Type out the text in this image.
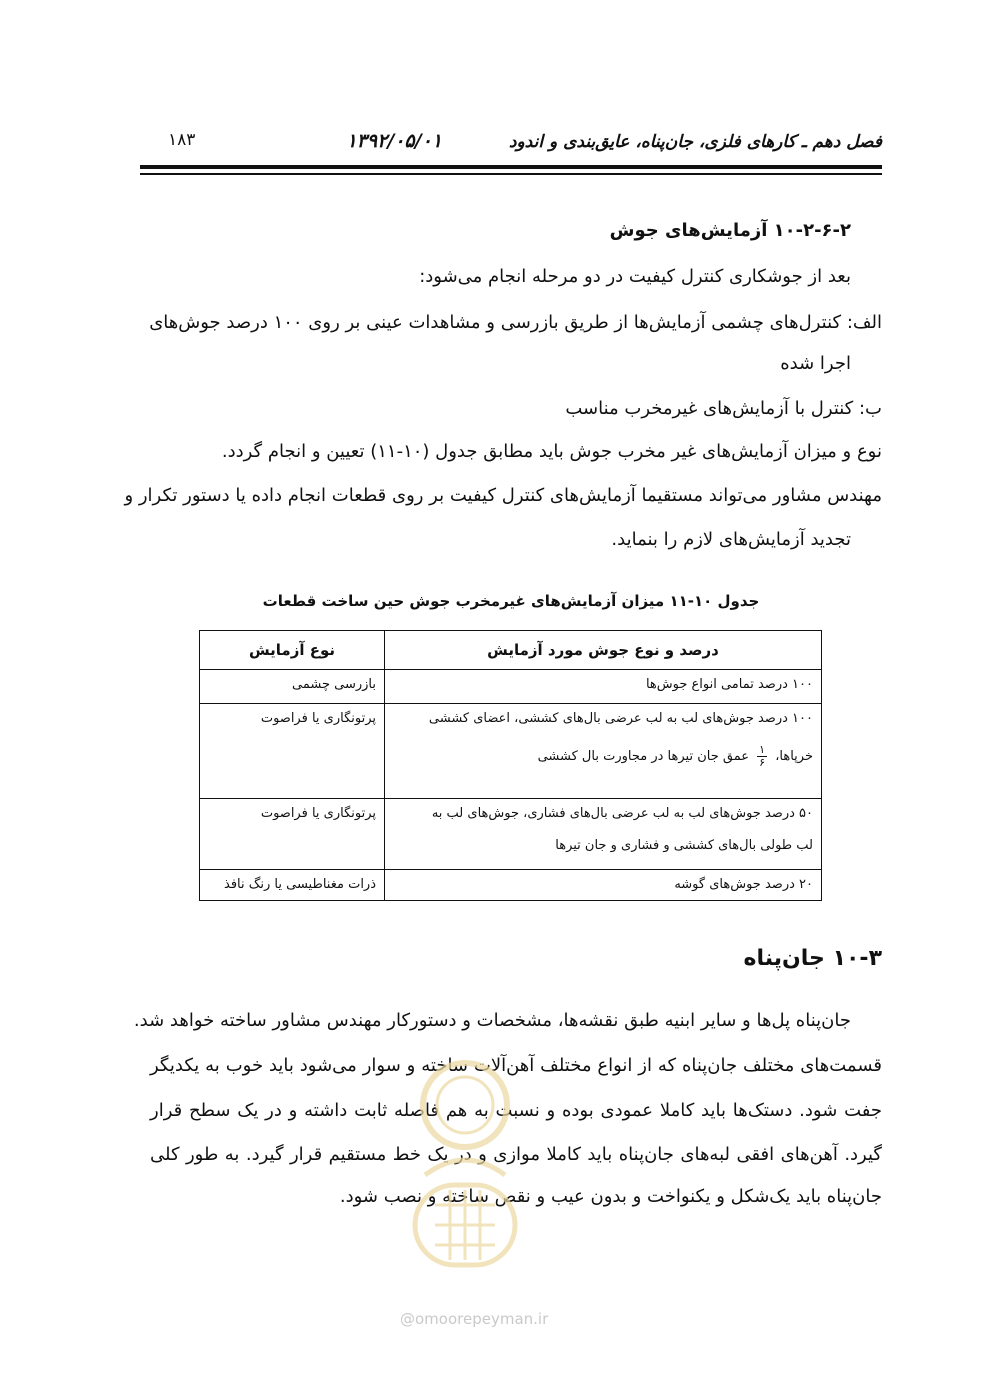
فصل دهم ـ کارهای فلزی، جان‌پناه، عایق‌بندی و اندود
۱۳۹۲/۰۵/۰۱
۱۸۳
۱۰-۲-۶-۲ آزمایش‌های جوش
بعد از جوشکاری کنترل کیفیت در دو مرحله انجام می‌شود:
الف: کنترل‌های چشمی آزمایش‌ها از طریق بازرسی و مشاهدات عینی بر روی ۱۰۰ درصد جوش‌های
اجرا شده
ب: کنترل با آزمایش‌های غیرمخرب مناسب
نوع و میزان آزمایش‌های غیر مخرب جوش باید مطابق جدول (۱۰-۱۱) تعیین و انجام گردد.
مهندس مشاور می‌تواند مستقیما آزمایش‌های کنترل کیفیت بر روی قطعات انجام داده یا دستور تکرار و
تجدید آزمایش‌های لازم را بنماید.
جدول ۱۰-۱۱ میزان آزمایش‌های غیرمخرب جوش حین ساخت قطعات
درصد و نوع جوش مورد آزمایش	نوع آزمایش

۱۰۰ درصد تمامی انواع جوش‌ها	بازرسی چشمی

۱۰۰ درصد جوش‌های لب به لب عرضی بال‌های کششی، اعضای کششی
خرپاها،
$\frac{۱}{۶}$
عمق جان تیرها در مجاورت بال کششی	پرتونگاری یا فراصوت

۵۰ درصد جوش‌های لب به لب عرضی بال‌های فشاری، جوش‌های لب به
لب طولی بال‌های کششی و فشاری و جان تیرها	پرتونگاری یا فراصوت

۲۰ درصد جوش‌های گوشه	ذرات مغناطیسی یا رنگ نافذ
۱۰-۳ جان‌پناه
جان‌پناه پل‌ها و سایر ابنیه طبق نقشه‌ها، مشخصات و دستورکار مهندس مشاور ساخته خواهد شد.
قسمت‌های مختلف جان‌پناه که از انواع مختلف آهن‌آلات ساخته و سوار می‌شود باید خوب به یکدیگر
جفت شود. دستک‌ها باید کاملا عمودی بوده و نسبت به هم فاصله ثابت داشته و در یک سطح قرار
گیرد. آهن‌های افقی لبه‌های جان‌پناه باید کاملا موازی و در یک خط مستقیم قرار گیرد. به طور کلی
جان‌پناه باید یک‌شکل و یکنواخت و بدون عیب و نقص ساخته و نصب شود.
@omoorepeyman.ir
